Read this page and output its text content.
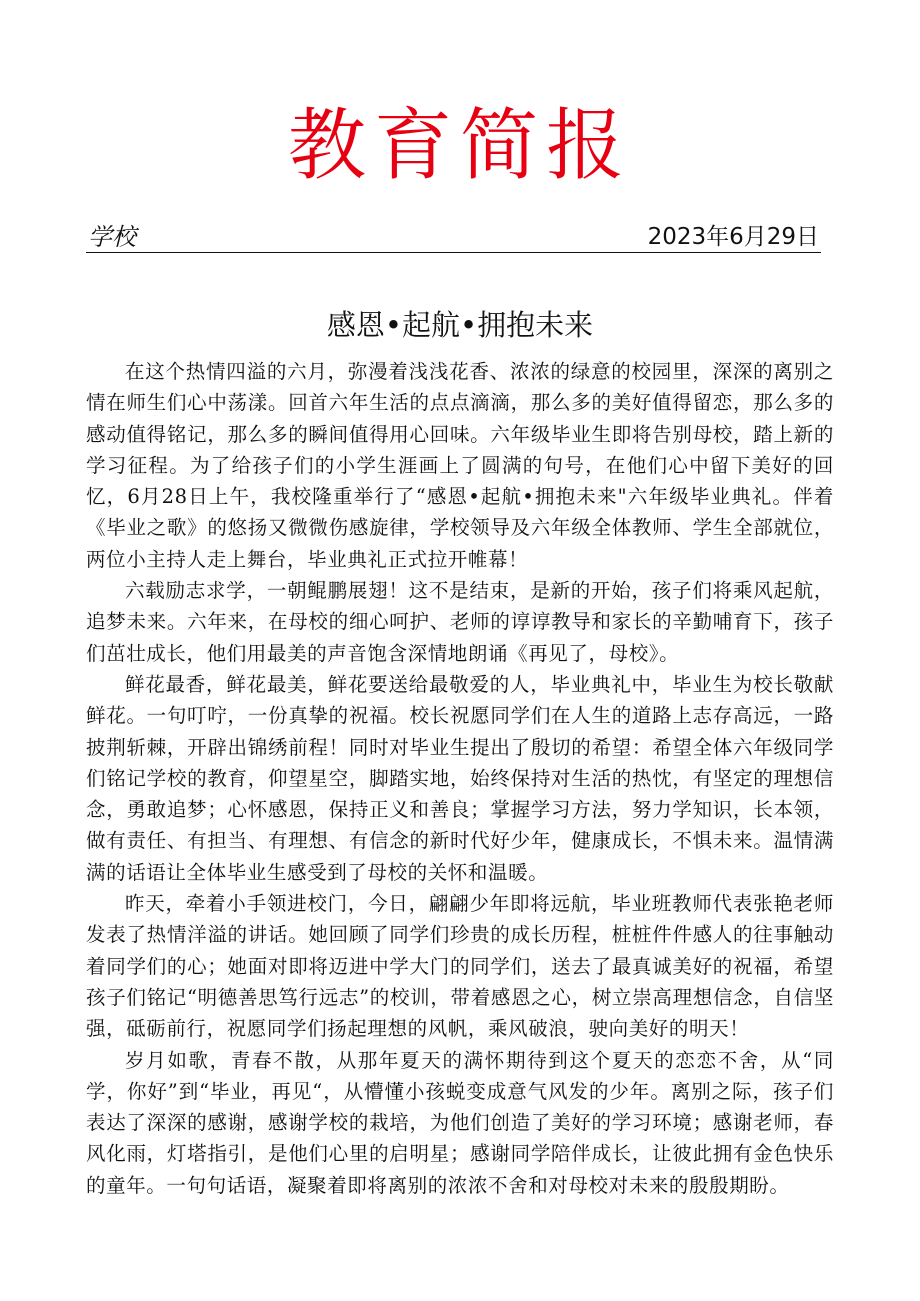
教育简报
学校	2023年6月29日
感恩•起航•拥抱未来

在这个热情四溢的六月，弥漫着浅浅花香、浓浓的绿意的校园里，深深的离别之情在师生们心中荡漾。回首六年生活的点点滴滴，那么多的美好值得留恋，那么多的感动值得铭记，那么多的瞬间值得用心回味。六年级毕业生即将告别母校，踏上新的学习征程。为了给孩子们的小学生涯画上了圆满的句号，在他们心中留下美好的回忆，6月28日上午，我校隆重举行了“感恩•起航•拥抱未来"六年级毕业典礼。伴着《毕业之歌》的悠扬又微微伤感旋律，学校领导及六年级全体教师、学生全部就位，两位小主持人走上舞台，毕业典礼正式拉开帷幕！

六载励志求学，一朝鲲鹏展翅！这不是结束，是新的开始，孩子们将乘风起航，追梦未来。六年来，在母校的细心呵护、老师的谆谆教导和家长的辛勤哺育下，孩子们茁壮成长，他们用最美的声音饱含深情地朗诵《再见了，母校》。

鲜花最香，鲜花最美，鲜花要送给最敬爱的人，毕业典礼中，毕业生为校长敬献鲜花。一句叮咛，一份真挚的祝福。校长祝愿同学们在人生的道路上志存高远，一路披荆斩棘，开辟出锦绣前程！同时对毕业生提出了殷切的希望：希望全体六年级同学们铭记学校的教育，仰望星空，脚踏实地，始终保持对生活的热忱，有坚定的理想信念，勇敢追梦；心怀感恩，保持正义和善良；掌握学习方法，努力学知识，长本领，做有责任、有担当、有理想、有信念的新时代好少年，健康成长，不惧未来。温情满满的话语让全体毕业生感受到了母校的关怀和温暖。

昨天，牵着小手领进校门，今日，翩翩少年即将远航，毕业班教师代表张艳老师发表了热情洋溢的讲话。她回顾了同学们珍贵的成长历程，桩桩件件感人的往事触动着同学们的心；她面对即将迈进中学大门的同学们，送去了最真诚美好的祝福，希望孩子们铭记“明德善思笃行远志”的校训，带着感恩之心，树立崇高理想信念，自信坚强，砥砺前行，祝愿同学们扬起理想的风帆，乘风破浪，驶向美好的明天！

岁月如歌，青春不散，从那年夏天的满怀期待到这个夏天的恋恋不舍，从“同学，你好”到“毕业，再见“，从懵懂小孩蜕变成意气风发的少年。离别之际，孩子们表达了深深的感谢，感谢学校的栽培，为他们创造了美好的学习环境；感谢老师，春风化雨，灯塔指引，是他们心里的启明星；感谢同学陪伴成长，让彼此拥有金色快乐的童年。一句句话语，凝聚着即将离别的浓浓不舍和对母校对未来的殷殷期盼。
